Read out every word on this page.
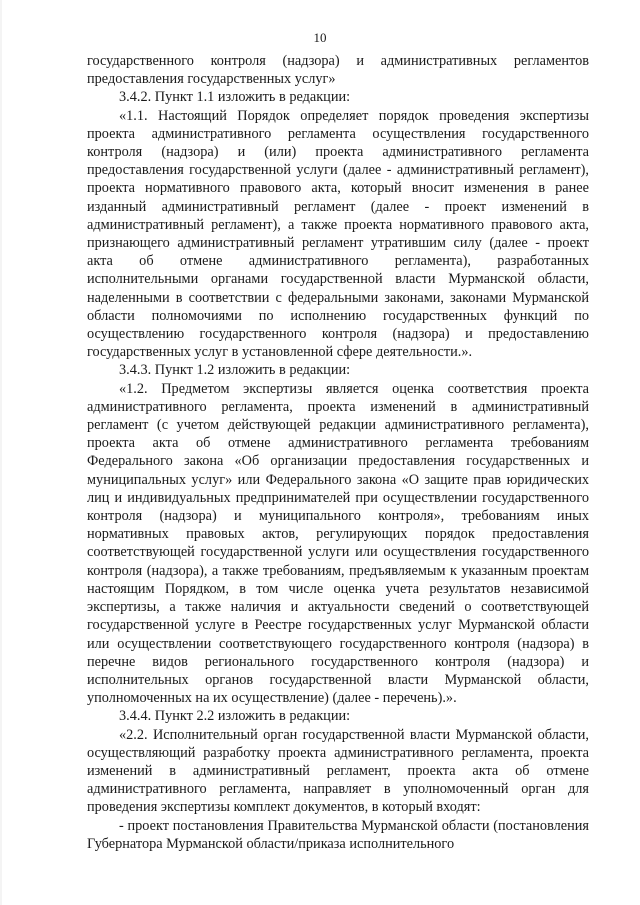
10

государственного контроля (надзора) и административных регламентов предоставления государственных услуг»

3.4.2. Пункт 1.1 изложить в редакции:

«1.1. Настоящий Порядок определяет порядок проведения экспертизы проекта административного регламента осуществления государственного контроля (надзора) и (или) проекта административного регламента предоставления государственной услуги (далее - административный регламент), проекта нормативного правового акта, который вносит изменения в ранее изданный административный регламент (далее - проект изменений в административный регламент), а также проекта нормативного правового акта, признающего административный регламент утратившим силу (далее - проект акта об отмене административного регламента), разработанных исполнительными органами государственной власти Мурманской области, наделенными в соответствии с федеральными законами, законами Мурманской области полномочиями по исполнению государственных функций по осуществлению государственного контроля (надзора) и предоставлению государственных услуг в установленной сфере деятельности.».

3.4.3. Пункт 1.2 изложить в редакции:

«1.2. Предметом экспертизы является оценка соответствия проекта административного регламента, проекта изменений в административный регламент (с учетом действующей редакции административного регламента), проекта акта об отмене административного регламента требованиям Федерального закона «Об организации предоставления государственных и муниципальных услуг» или Федерального закона «О защите прав юридических лиц и индивидуальных предпринимателей при осуществлении государственного контроля (надзора) и муниципального контроля», требованиям иных нормативных правовых актов, регулирующих порядок предоставления соответствующей государственной услуги или осуществления государственного контроля (надзора), а также требованиям, предъявляемым к указанным проектам настоящим Порядком, в том числе оценка учета результатов независимой экспертизы, а также наличия и актуальности сведений о соответствующей государственной услуге в Реестре государственных услуг Мурманской области или осуществлении соответствующего государственного контроля (надзора) в перечне видов регионального государственного контроля (надзора) и исполнительных органов государственной власти Мурманской области, уполномоченных на их осуществление) (далее - перечень).».

3.4.4. Пункт 2.2 изложить в редакции:

«2.2. Исполнительный орган государственной власти Мурманской области, осуществляющий разработку проекта административного регламента, проекта изменений в административный регламент, проекта акта об отмене административного регламента, направляет в уполномоченный орган для проведения экспертизы комплект документов, в который входят:

- проект постановления Правительства Мурманской области (постановления Губернатора Мурманской области/приказа исполнительного
